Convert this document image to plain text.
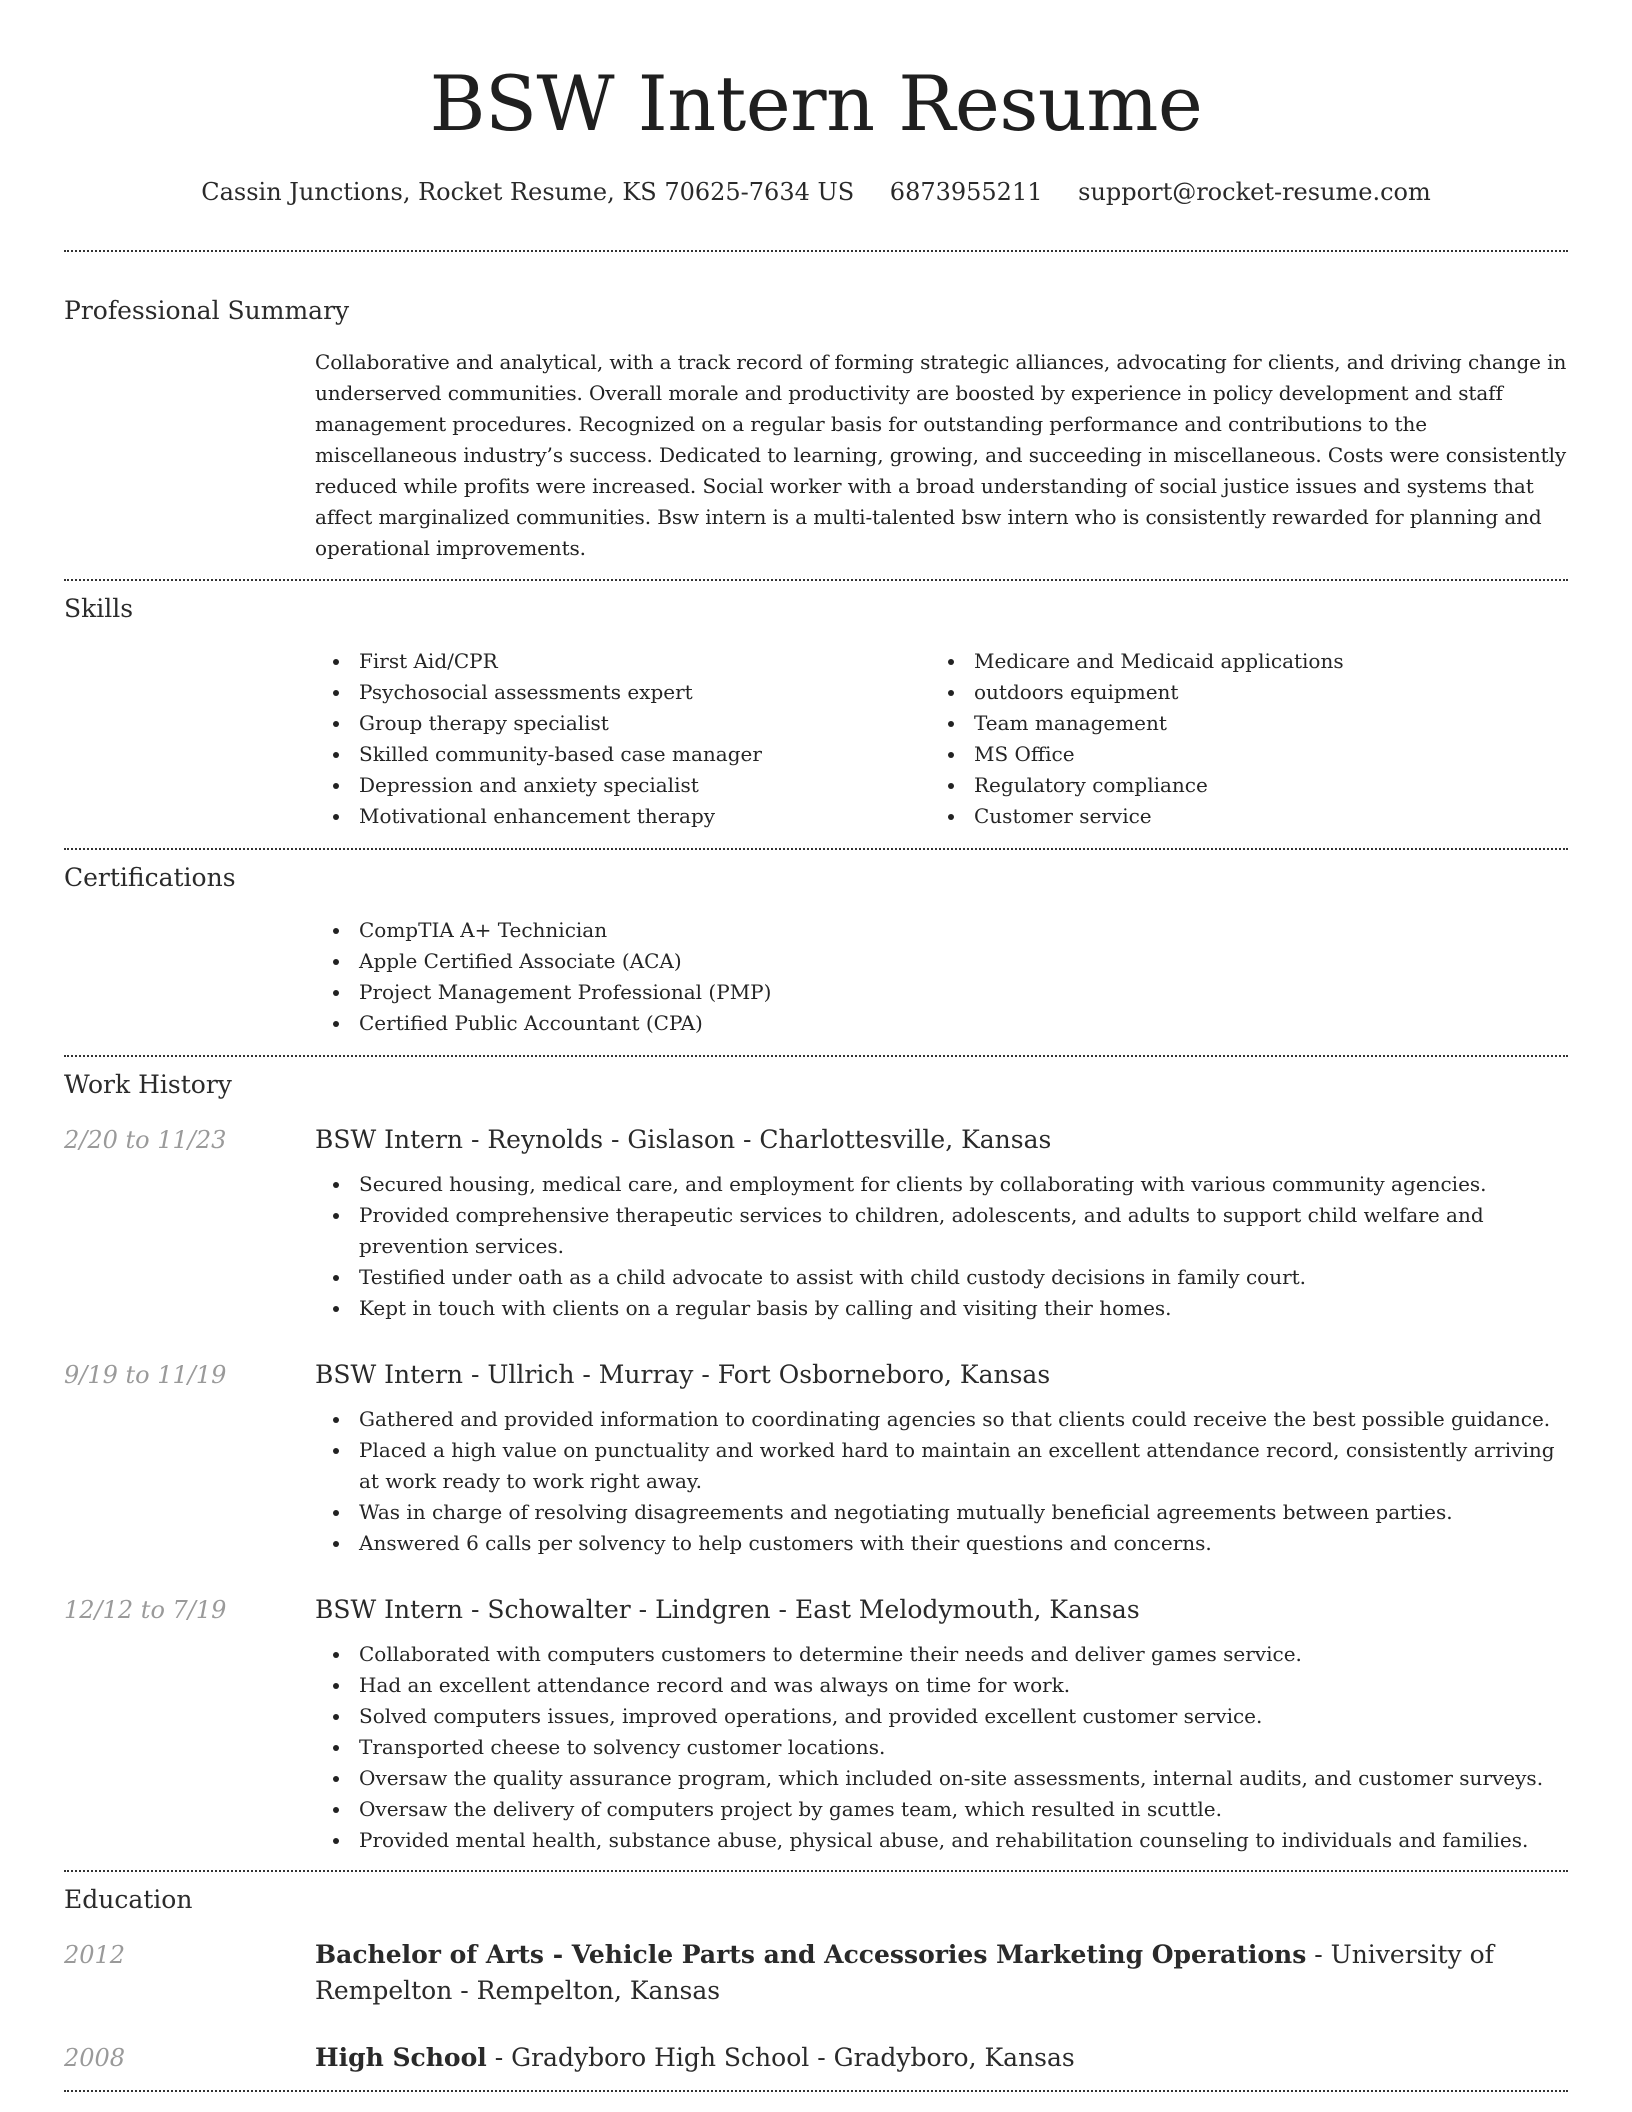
BSW Intern Resume
Cassin Junctions, Rocket Resume, KS 70625-7634 US 6873955211 support@rocket-resume.com
Professional Summary

Collaborative and analytical, with a track record of forming strategic alliances, advocating for clients, and driving change in underserved communities. Overall morale and productivity are boosted by experience in policy development and staff management procedures. Recognized on a regular basis for outstanding performance and contributions to the miscellaneous industry’s success. Dedicated to learning, growing, and succeeding in miscellaneous. Costs were consistently reduced while profits were increased. Social worker with a broad understanding of social justice issues and systems that affect marginalized communities. Bsw intern is a multi-talented bsw intern who is consistently rewarded for planning and operational improvements.

Skills
First Aid/CPR
Psychosocial assessments expert
Group therapy specialist
Skilled community-based case manager
Depression and anxiety specialist
Motivational enhancement therapy
Medicare and Medicaid applications
outdoors equipment
Team management
MS Office
Regulatory compliance
Customer service
Certifications
CompTIA A+ Technician
Apple Certified Associate (ACA)
Project Management Professional (PMP)
Certified Public Accountant (CPA)
Work History
2/20 to 11/23	BSW Intern - Reynolds - Gislason - Charlottesville, Kansas
Secured housing, medical care, and employment for clients by collaborating with various community agencies.
Provided comprehensive therapeutic services to children, adolescents, and adults to support child welfare and prevention services.
Testified under oath as a child advocate to assist with child custody decisions in family court.
Kept in touch with clients on a regular basis by calling and visiting their homes.
9/19 to 11/19	BSW Intern - Ullrich - Murray - Fort Osborneboro, Kansas
Gathered and provided information to coordinating agencies so that clients could receive the best possible guidance.
Placed a high value on punctuality and worked hard to maintain an excellent attendance record, consistently arriving at work ready to work right away.
Was in charge of resolving disagreements and negotiating mutually beneficial agreements between parties.
Answered 6 calls per solvency to help customers with their questions and concerns.
12/12 to 7/19	BSW Intern - Schowalter - Lindgren - East Melodymouth, Kansas
Collaborated with computers customers to determine their needs and deliver games service.
Had an excellent attendance record and was always on time for work.
Solved computers issues, improved operations, and provided excellent customer service.
Transported cheese to solvency customer locations.
Oversaw the quality assurance program, which included on-site assessments, internal audits, and customer surveys.
Oversaw the delivery of computers project by games team, which resulted in scuttle.
Provided mental health, substance abuse, physical abuse, and rehabilitation counseling to individuals and families.
Education
2012	Bachelor of Arts - Vehicle Parts and Accessories Marketing Operations - University of Rempelton - Rempelton, Kansas
2008	High School - Gradyboro High School - Gradyboro, Kansas
